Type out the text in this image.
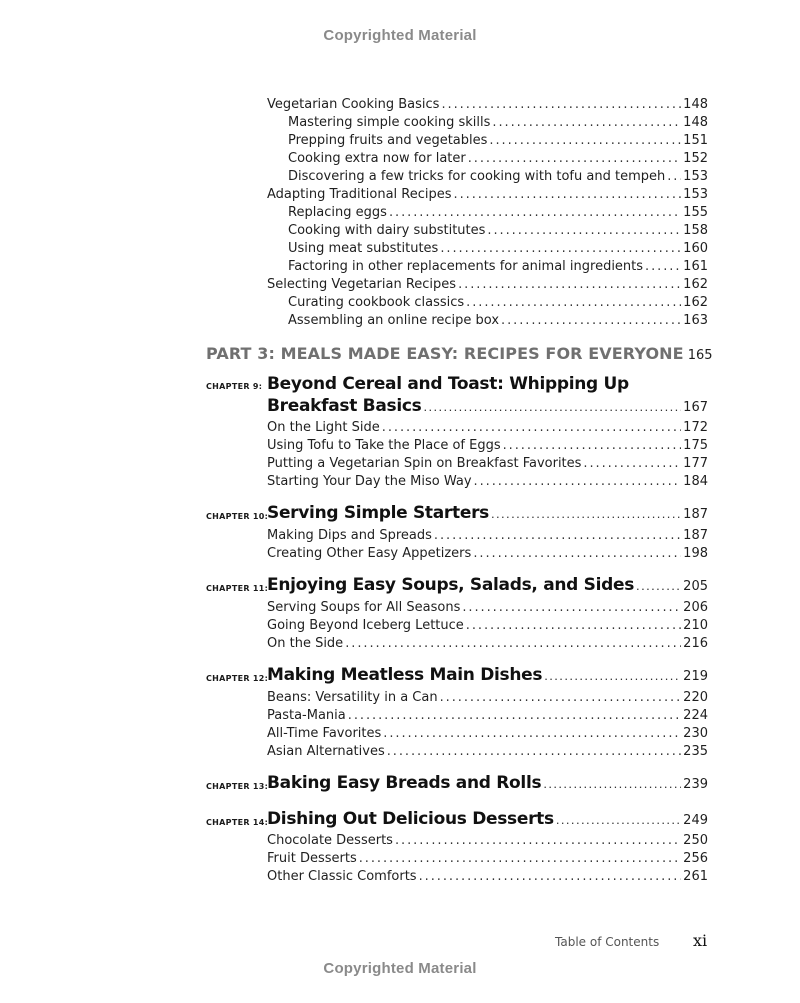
Copyrighted Material
Vegetarian Cooking Basics . . .	148
Mastering simple cooking skills . . .	148
Prepping fruits and vegetables . . .	151
Cooking extra now for later . . .	152
Discovering a few tricks for cooking with tofu and tempeh . . . 153
Adapting Traditional Recipes . . .	153
Replacing eggs . . .	155
Cooking with dairy substitutes . . .	158
Using meat substitutes . . .	160
Factoring in other replacements for animal ingredients . . .	161
Selecting Vegetarian Recipes . . .	162
Curating cookbook classics . . .	162
Assembling an online recipe box . . .	163
PART 3: MEALS MADE EASY: RECIPES FOR EVERYONE 165
CHAPTER 9: Beyond Cereal and Toast: Whipping Up
Breakfast Basics . . .	167
On the Light Side . . .	172
Using Tofu to Take the Place of Eggs . . .	175
Putting a Vegetarian Spin on Breakfast Favorites . . .	177
Starting Your Day the Miso Way . . .	184
CHAPTER 10:
Serving Simple Starters . . .	187
Making Dips and Spreads . . .	187
Creating Other Easy Appetizers . . .	198
CHAPTER 11:
Enjoying Easy Soups, Salads, and Sides . . .	205
Serving Soups for All Seasons . . .	206
Going Beyond Iceberg Lettuce . . .	210
On the Side . . .	216
CHAPTER 12:
Making Meatless Main Dishes . . .	219
Beans: Versatility in a Can . . .	220
Pasta-Mania . . .	224
All-Time Favorites . . .	230
Asian Alternatives . . .	235
CHAPTER 13:
Baking Easy Breads and Rolls . . .	239
CHAPTER 14:
Dishing Out Delicious Desserts . . .	249
Chocolate Desserts . . .	250
Fruit Desserts . . .	256
Other Classic Comforts . . .	261
Table of Contents xi
Copyrighted Material
